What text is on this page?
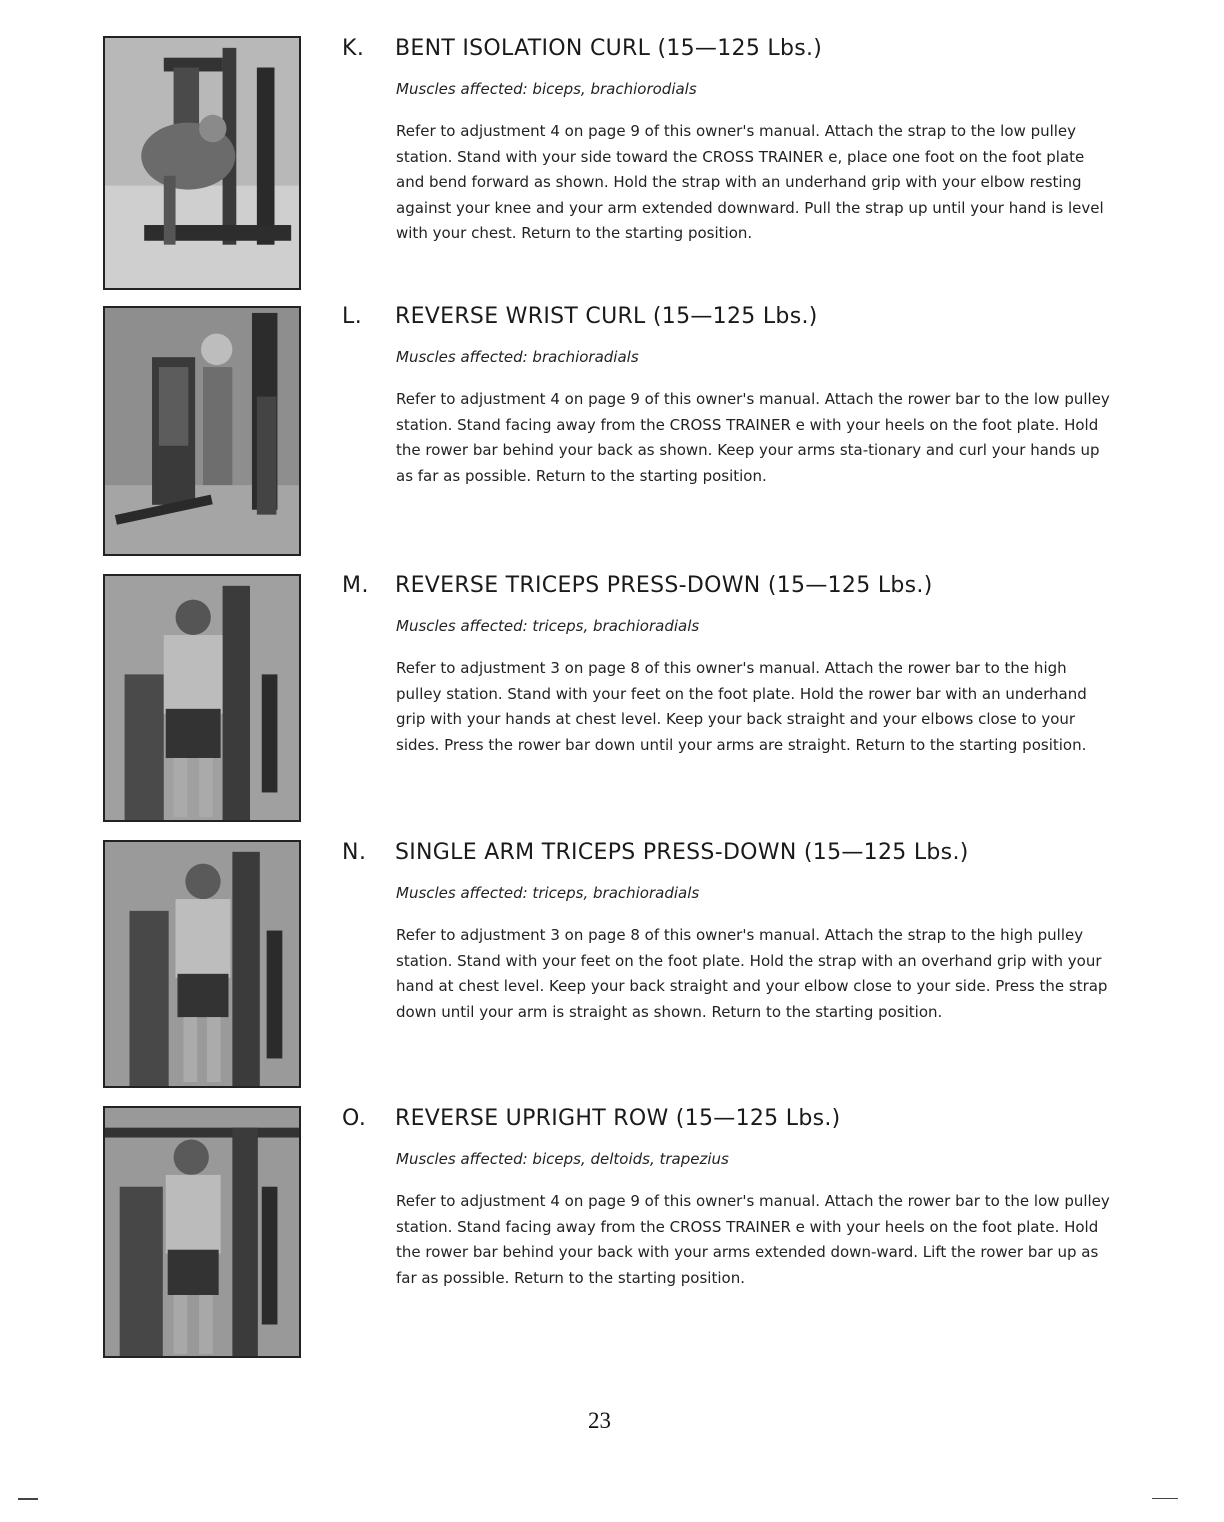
K. BENT ISOLATION CURL (15—125 Lbs.)
Muscles affected: biceps, brachiorodials
Refer to adjustment 4 on page 9 of this owner's manual. Attach the strap to the low pulley station. Stand with your side toward the CROSS TRAINER e, place one foot on the foot plate and bend forward as shown. Hold the strap with an underhand grip with your elbow resting against your knee and your arm extended downward. Pull the strap up until your hand is level with your chest. Return to the starting position.
L. REVERSE WRIST CURL (15—125 Lbs.)
Muscles affected: brachioradials
Refer to adjustment 4 on page 9 of this owner's manual. Attach the rower bar to the low pulley station. Stand facing away from the CROSS TRAINER e with your heels on the foot plate. Hold the rower bar behind your back as shown. Keep your arms sta-tionary and curl your hands up as far as possible. Return to the starting position.
M. REVERSE TRICEPS PRESS-DOWN (15—125 Lbs.)
Muscles affected: triceps, brachioradials
Refer to adjustment 3 on page 8 of this owner's manual. Attach the rower bar to the high pulley station. Stand with your feet on the foot plate. Hold the rower bar with an underhand grip with your hands at chest level. Keep your back straight and your elbows close to your sides. Press the rower bar down until your arms are straight. Return to the starting position.
N. SINGLE ARM TRICEPS PRESS-DOWN (15—125 Lbs.)
Muscles affected: triceps, brachioradials
Refer to adjustment 3 on page 8 of this owner's manual. Attach the strap to the high pulley station. Stand with your feet on the foot plate. Hold the strap with an overhand grip with your hand at chest level. Keep your back straight and your elbow close to your side. Press the strap down until your arm is straight as shown. Return to the starting position.
O. REVERSE UPRIGHT ROW (15—125 Lbs.)
Muscles affected: biceps, deltoids, trapezius
Refer to adjustment 4 on page 9 of this owner's manual. Attach the rower bar to the low pulley station. Stand facing away from the CROSS TRAINER e with your heels on the foot plate. Hold the rower bar behind your back with your arms extended down-ward. Lift the rower bar up as far as possible. Return to the starting position.
23
